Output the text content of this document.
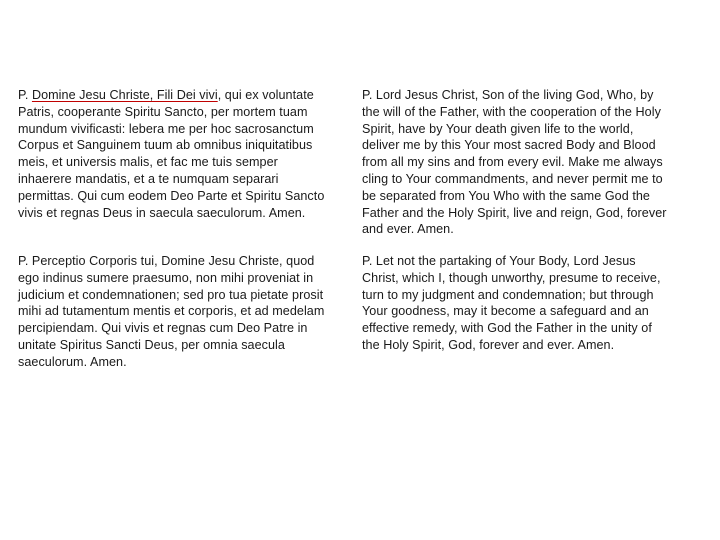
P. Domine Jesu Christe, Fili Dei vivi, qui ex voluntate
Patris, cooperante Spiritu Sancto, per mortem tuam
mundum vivificasti: lebera me per hoc sacrosanctum
Corpus et Sanguinem tuum ab omnibus iniquitatibus
meis, et universis malis, et fac me tuis semper
inhaerere mandatis, et a te numquam separari
permittas. Qui cum eodem Deo Parte et Spiritu Sancto
vivis et regnas Deus in saecula saeculorum. Amen.
P. Lord Jesus Christ, Son of the living God, Who, by
the will of the Father, with the cooperation of the Holy
Spirit, have by Your death given life to the world,
deliver me by this Your most sacred Body and Blood
from all my sins and from every evil. Make me always
cling to Your commandments, and never permit me to
be separated from You Who with the same God the
Father and the Holy Spirit, live and reign, God, forever
and ever. Amen.
P. Perceptio Corporis tui, Domine Jesu Christe, quod
ego indinus sumere praesumo, non mihi proveniat in
judicium et condemnationen; sed pro tua pietate prosit
mihi ad tutamentum mentis et corporis, et ad medelam
percipiendam. Qui vivis et regnas cum Deo Patre in
unitate Spiritus Sancti Deus, per omnia saecula
saeculorum. Amen.
P. Let not the partaking of Your Body, Lord Jesus
Christ, which I, though unworthy, presume to receive,
turn to my judgment and condemnation; but through
Your goodness, may it become a safeguard and an
effective remedy, with God the Father in the unity of
the Holy Spirit, God, forever and ever. Amen.
